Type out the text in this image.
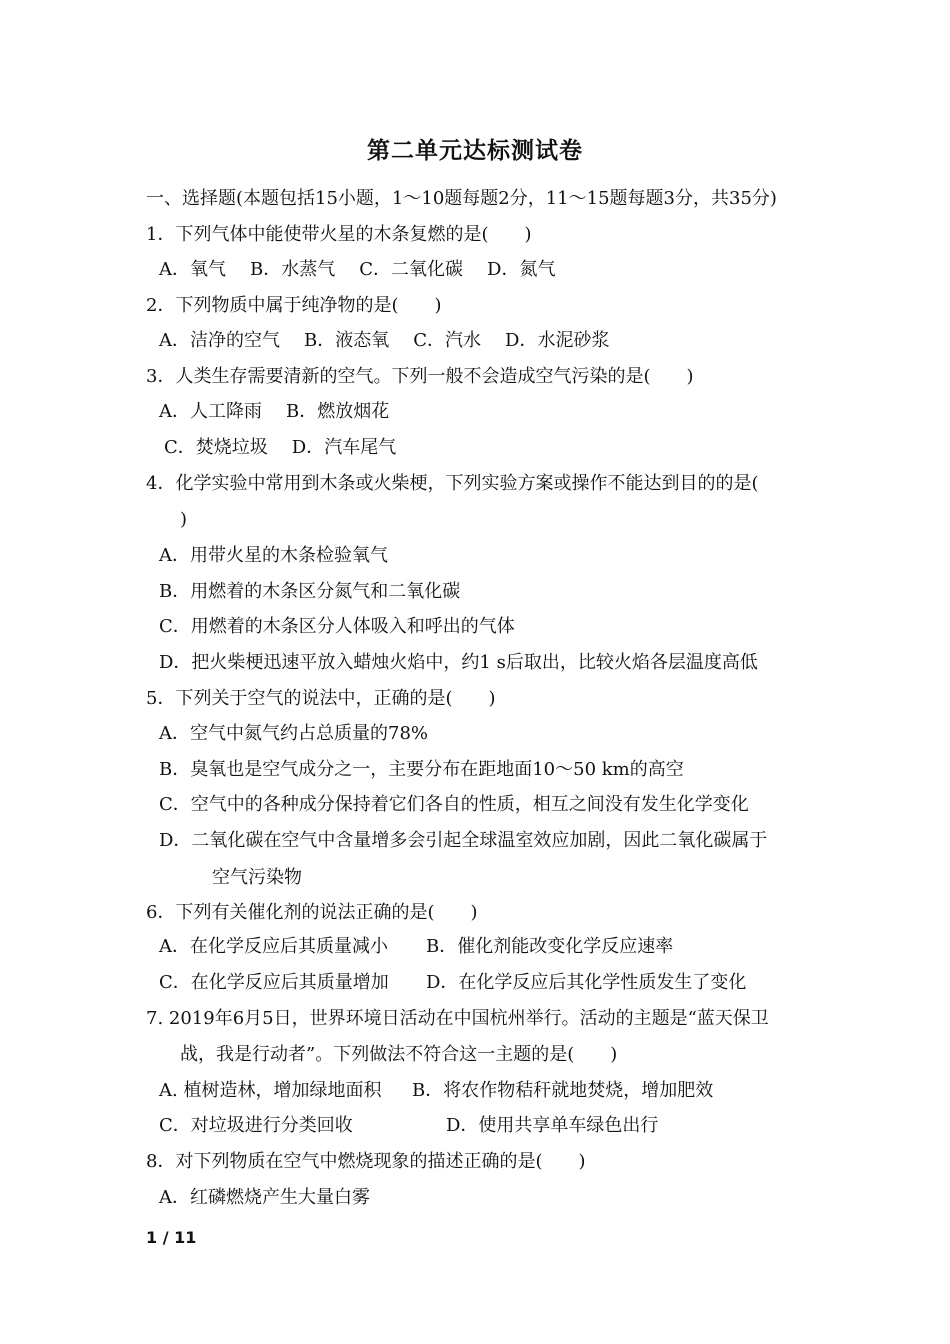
第二单元达标测试卷
一、选择题(本题包括15小题，1～10题每题2分，11～15题每题3分，共35分)
1．下列气体中能使带火星的木条复燃的是(　　)
A．氧气 B．水蒸气 C．二氧化碳 D．氮气
2．下列物质中属于纯净物的是(　　)
A．洁净的空气 B．液态氧 C．汽水 D．水泥砂浆
3．人类生存需要清新的空气。下列一般不会造成空气污染的是(　　)
A．人工降雨 B．燃放烟花
C．焚烧垃圾 D．汽车尾气
4．化学实验中常用到木条或火柴梗，下列实验方案或操作不能达到目的的是(
)
A．用带火星的木条检验氧气
B．用燃着的木条区分氮气和二氧化碳
C．用燃着的木条区分人体吸入和呼出的气体
D．把火柴梗迅速平放入蜡烛火焰中，约1 s后取出，比较火焰各层温度高低
5．下列关于空气的说法中，正确的是(　　)
A．空气中氮气约占总质量的78%
B．臭氧也是空气成分之一，主要分布在距地面10～50 km的高空
C．空气中的各种成分保持着它们各自的性质，相互之间没有发生化学变化
D．二氧化碳在空气中含量增多会引起全球温室效应加剧，因此二氧化碳属于
空气污染物
6．下列有关催化剂的说法正确的是(　　)
A．在化学反应后其质量减小 B．催化剂能改变化学反应速率
C．在化学反应后其质量增加 D．在化学反应后其化学性质发生了变化
7. 2019年6月5日，世界环境日活动在中国杭州举行。活动的主题是“蓝天保卫
战，我是行动者”。下列做法不符合这一主题的是(　　)
A. 植树造林，增加绿地面积 B．将农作物秸秆就地焚烧，增加肥效
C．对垃圾进行分类回收	D．使用共享单车绿色出行
8．对下列物质在空气中燃烧现象的描述正确的是(　　)
A．红磷燃烧产生大量白雾
1 / 11
